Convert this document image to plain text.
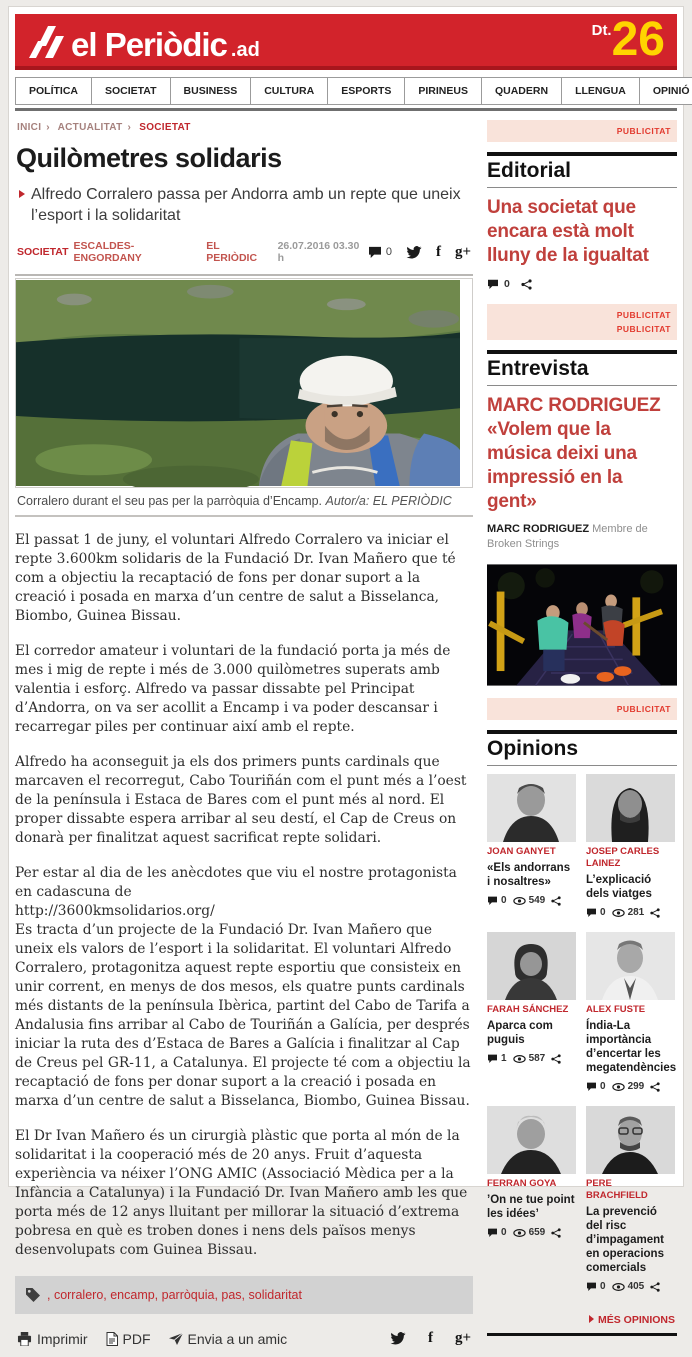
el Periòdic .ad
Dt. 26
POLÍTICA	SOCIETAT	BUSINESS	CULTURA	ESPORTS	PIRINEUS	QUADERN	LLENGUA	OPINIÓ
INICI › ACTUALITAT › SOCIETAT
Quilòmetres solidaris
Alfredo Corralero passa per Andorra amb un repte que uneix l’esport i la solidaritat
SOCIETAT ESCALDES-ENGORDANY
EL PERIÒDIC
26.07.2016 03.30 h	0	f g+
Corralero durant el seu pas per la parròquia d’Encamp. Autor/a: EL PERIÒDIC

El passat 1 de juny, el voluntari Alfredo Corralero va iniciar el repte 3.600km solidaris de la Fundació Dr. Ivan Mañero que té com a objectiu la recaptació de fons per donar suport a la creació i posada en marxa d’un centre de salut a Bisselanca, Biombo, Guinea Bissau.

El corredor amateur i voluntari de la fundació porta ja més de mes i mig de repte i més de 3.000 quilòmetres superats amb valentia i esforç. Alfredo va passar dissabte pel Principat d’Andorra, on va ser acollit a Encamp i va poder descansar i recarregar piles per continuar així amb el repte.

Alfredo ha aconseguit ja els dos primers punts cardinals que marcaven el recorregut, Cabo Touriñán com el punt més a l’oest de la península i Estaca de Bares com el punt més al nord. El proper dissabte espera arribar al seu destí, el Cap de Creus on donarà per finalitzat aquest sacrificat repte solidari.

Per estar al dia de les anècdotes que viu el nostre protagonista en cadascuna de

http://3600kmsolidarios.org/

Es tracta d’un projecte de la Fundació Dr. Ivan Mañero que uneix els valors de l’esport i la solidaritat. El voluntari Alfredo Corralero, protagonitza aquest repte esportiu que consisteix en unir corrent, en menys de dos mesos, els quatre punts cardinals més distants de la península Ibèrica, partint del Cabo de Tarifa a Andalusia fins arribar al Cabo de Touriñán a Galícia, per després iniciar la ruta des d’Estaca de Bares a Galícia i finalitzar al Cap de Creus pel GR-11, a Catalunya. El projecte té com a objectiu la recaptació de fons per donar suport a la creació i posada en marxa d’un centre de salut a Bisselanca, Biombo, Guinea Bissau.

El Dr Ivan Mañero és un cirurgià plàstic que porta al món de la solidaritat i la cooperació més de 20 anys. Fruit d’aquesta experiència va néixer l’ONG AMIC (Associació Mèdica per a la Infància a Catalunya) i la Fundació Dr. Ivan Mañero amb les que porta més de 12 anys lluitant per millorar la situació d’extrema pobresa en què es troben dones i nens dels països menys desenvolupats com Guinea Bissau.

, corralero, encamp, parròquia, pas, solidaritat
Imprimir	PDF	Envia a un amic	f g+
PUBLICITAT
Editorial
Una societat que encara està molt lluny de la igualtat
0
PUBLICITAT
PUBLICITAT
Entrevista
MARC RODRIGUEZ «Volem que la música deixi una impressió en la gent»
MARC RODRIGUEZ Membre de Broken Strings
PUBLICITAT
Opinions
JOAN GANYET
«Els andorrans i nosaltres»
0 549
JOSEP CARLES LAINEZ
L’explicació dels viatges
0 281
FARAH SÁNCHEZ
Aparca com puguis
1 587
ALEX FUSTE
Índia-La importància d’encertar les megatendències
0 299
FERRAN GOYA
’On ne tue point les idées’
0 659
PERE BRACHFIELD
La prevenció del risc d’impagament en operacions comercials
0 405
MÉS OPINIONS
